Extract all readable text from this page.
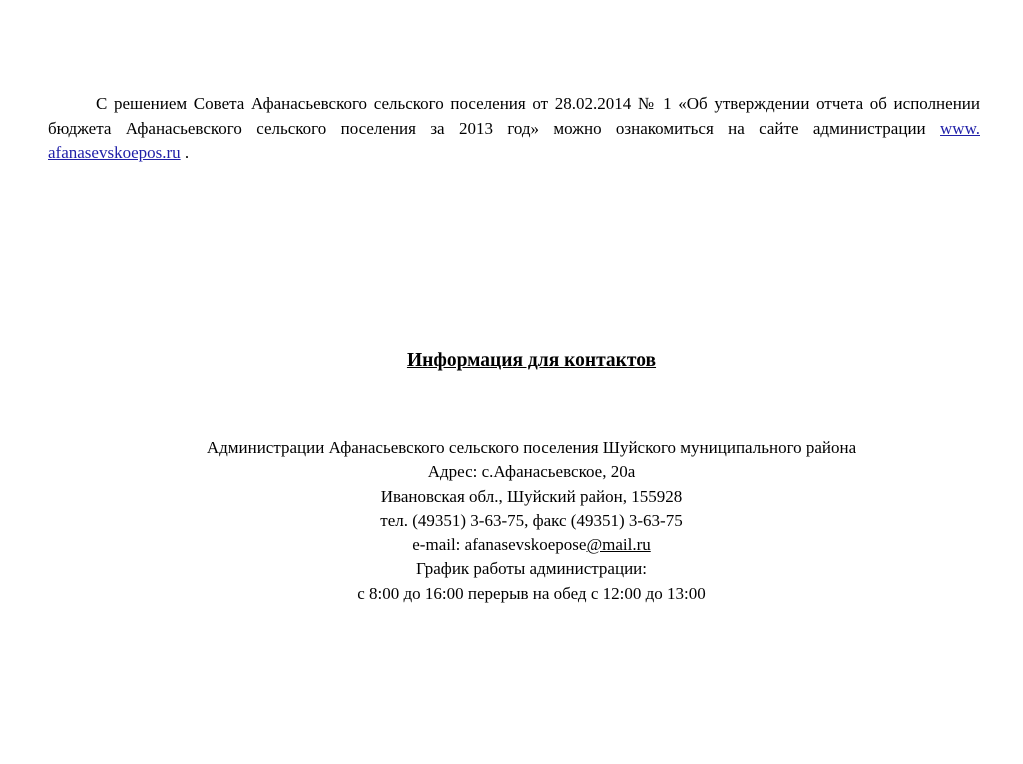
С решением Совета Афанасьевского сельского поселения от 28.02.2014 № 1 «Об утверждении отчета об исполнении бюджета Афанасьевского сельского поселения за 2013 год» можно ознакомиться на сайте администрации www. afanasevskoepos.ru .

Информация для контактов
Администрации Афанасьевского сельского поселения Шуйского муниципального района
Адрес: с.Афанасьевское, 20а
Ивановская обл., Шуйский район, 155928
тел. (49351) 3-63-75, факс (49351) 3-63-75
e-mail: afanasevskoepose@mail.ru
График работы администрации:
с 8:00 до 16:00 перерыв на обед с 12:00 до 13:00
